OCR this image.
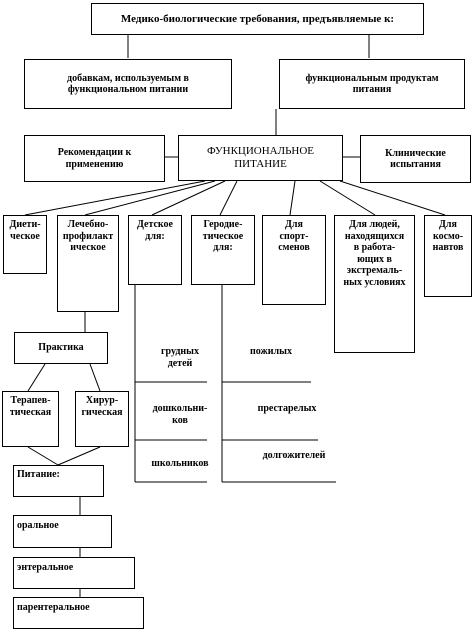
Медико-биологические требования, предъявляемые к:
добавкам, используемым в
функциональном питании
функциональным продуктам
питания
Рекомендации к
применению
ФУНКЦИОНАЛЬНОЕ
ПИТАНИЕ
Клинические
испытания
Диети-
ческое
Лечебно-
профилакт
ическое
Детское
для:
Геродие-
тическое
для:
Для
спорт-
сменов
Для людей,
находящихся
в работа-
ющих в
экстремаль-
ных условиях
Для
космо-
навтов
грудных
детей
дошкольни-
ков
школьников
пожилых
престарелых
долгожителей
Практика
Терапев-
тическая
Хирур-
гическая
Питание:
оральное
энтеральное
парентеральное
